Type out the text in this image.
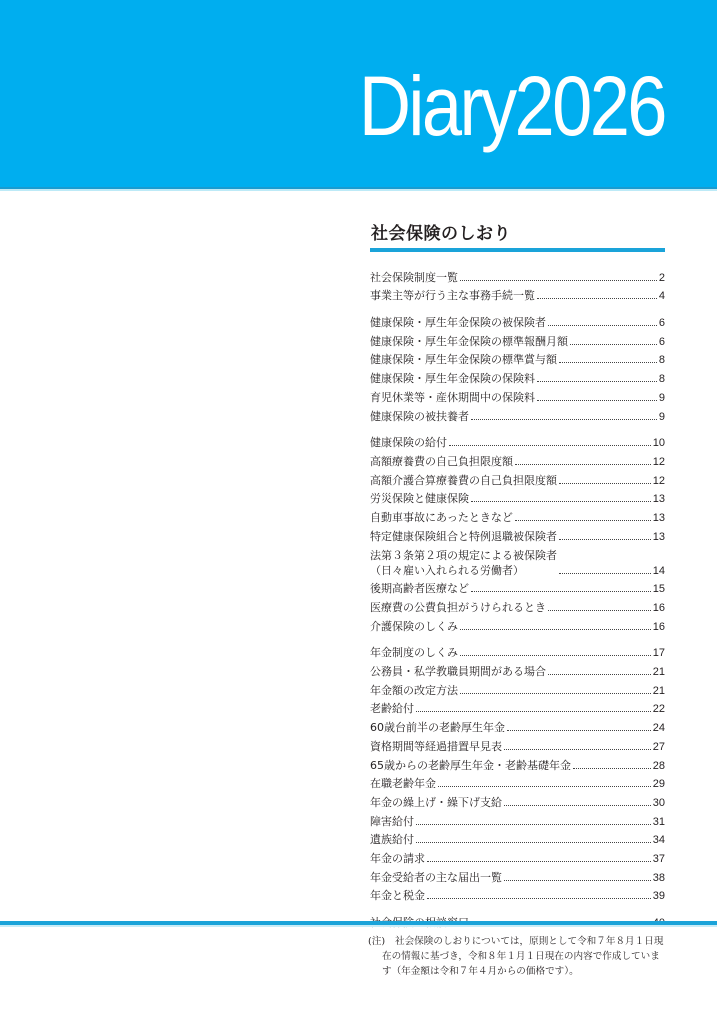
Diary2026
社会保険のしおり
社会保険制度一覧	2
事業主等が行う主な事務手続一覧	4
健康保険・厚生年金保険の被保険者	6
健康保険・厚生年金保険の標準報酬月額	6
健康保険・厚生年金保険の標準賞与額	8
健康保険・厚生年金保険の保険料	8
育児休業等・産休期間中の保険料	9
健康保険の被扶養者	9
健康保険の給付	10
高額療養費の自己負担限度額	12
高額介護合算療養費の自己負担限度額	12
労災保険と健康保険	13
自動車事故にあったときなど	13
特定健康保険組合と特例退職被保険者	13
法第３条第２項の規定による被保険者
（日々雇い入れられる労働者）	14
後期高齢者医療など	15
医療費の公費負担がうけられるとき	16
介護保険のしくみ	16
年金制度のしくみ	17
公務員・私学教職員期間がある場合	21
年金額の改定方法	21
老齢給付	22
60歳台前半の老齢厚生年金	24
資格期間等経過措置早見表	27
65歳からの老齢厚生年金・老齢基礎年金	28
在職老齢年金	29
年金の繰上げ・繰下げ支給	30
障害給付	31
遺族給付	34
年金の請求	37
年金受給者の主な届出一覧	38
年金と税金	39
(注)	社会保険のしおりについては，原則として令和７年８月１日現在の情報に基づき，令和８年１月１日現在の内容で作成しています（年金額は令和７年４月からの価格です）。
